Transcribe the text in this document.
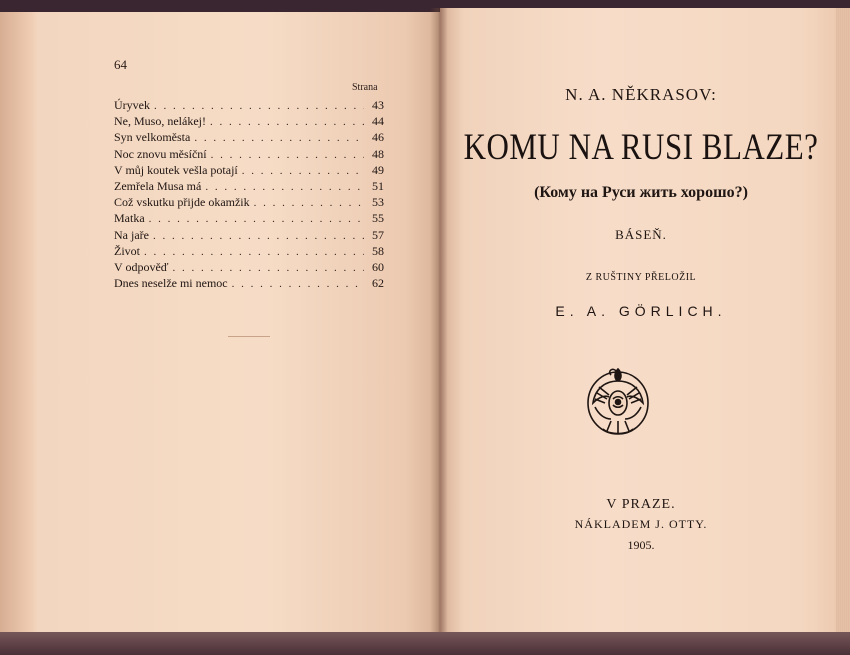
64
Strana
Úryvek . . .	43
Ne, Muso, nelákej! . . .	44
Syn velkoměsta . . .	46
Noc znovu měsíční . . .	48
V můj koutek vešla potají . . .	49
Zemřela Musa má . . .	51
Což vskutku přijde okamžik . . .	53
Matka . . .	55
Na jaře . . .	57
Život . . .	58
V odpověď . . .	60
Dnes neselže mi nemoc . . .	62
N. A. NĚKRASOV:
KOMU NA RUSI BLAZE?
(Кому на Руси жить хорошо?)
BÁSEŇ.
Z RUŠTINY PŘELOŽIL
E. A. GÖRLICH.
V PRAZE.
NÁKLADEM J. OTTY.
1905.
